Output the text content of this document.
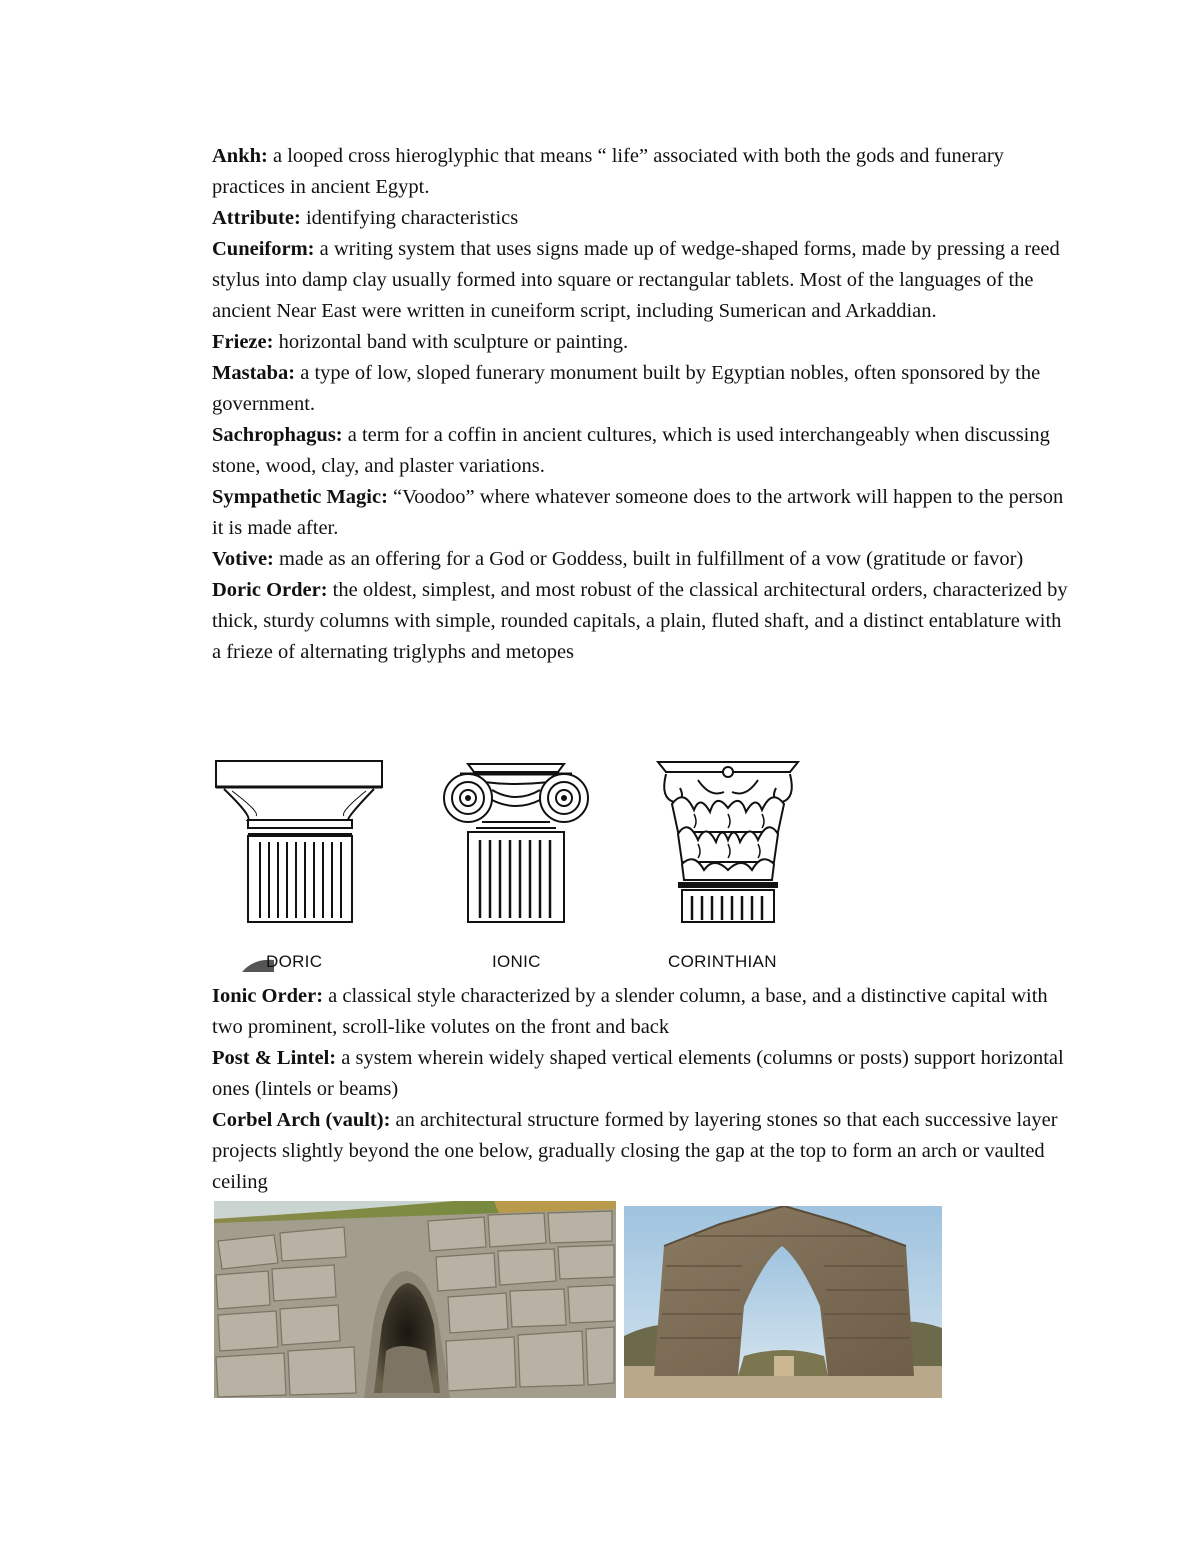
Ankh: a looped cross hieroglyphic that means “ life” associated with both the gods and funerary practices in ancient Egypt.

Attribute: identifying characteristics

Cuneiform: a writing system that uses signs made up of wedge-shaped forms, made by pressing a reed stylus into damp clay usually formed into square or rectangular tablets. Most of the languages of the ancient Near East were written in cuneiform script, including Sumerican and Arkaddian.

Frieze: horizontal band with sculpture or painting.

Mastaba: a type of low, sloped funerary monument built by Egyptian nobles, often sponsored by the government.

Sachrophagus: a term for a coffin in ancient cultures, which is used interchangeably when discussing stone, wood, clay, and plaster variations.

Sympathetic Magic: “Voodoo” where whatever someone does to the artwork will happen to the person it is made after.

Votive: made as an offering for a God or Goddess, built in fulfillment of a vow (gratitude or favor)

Doric Order: the oldest, simplest, and most robust of the classical architectural orders, characterized by thick, sturdy columns with simple, rounded capitals, a plain, fluted shaft, and a distinct entablature with a frieze of alternating triglyphs and metopes

DORIC	IONIC	CORINTHIAN

Ionic Order: a classical style characterized by a slender column, a base, and a distinctive capital with two prominent, scroll-like volutes on the front and back

Post & Lintel: a system wherein widely shaped vertical elements (columns or posts) support horizontal ones (lintels or beams)

Corbel Arch (vault): an architectural structure formed by layering stones so that each successive layer projects slightly beyond the one below, gradually closing the gap at the top to form an arch or vaulted ceiling
